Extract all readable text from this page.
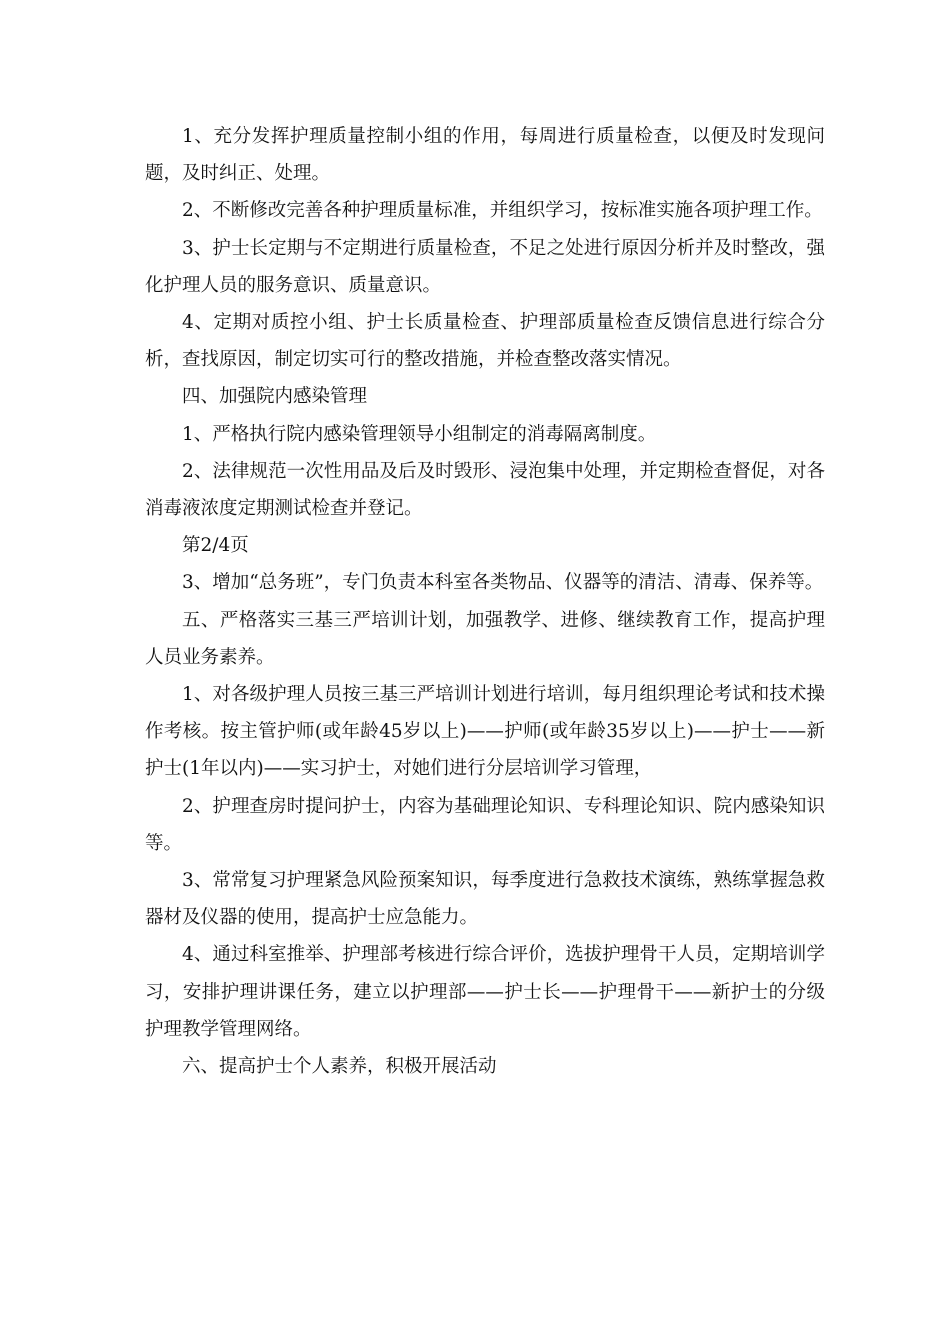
1、充分发挥护理质量控制小组的作用，每周进行质量检查，以便及时发现问题，及时纠正、处理。

2、不断修改完善各种护理质量标准，并组织学习，按标准实施各项护理工作。

3、护士长定期与不定期进行质量检查，不足之处进行原因分析并及时整改，强化护理人员的服务意识、质量意识。

4、定期对质控小组、护士长质量检查、护理部质量检查反馈信息进行综合分析，查找原因，制定切实可行的整改措施，并检查整改落实情况。

四、加强院内感染管理

1、严格执行院内感染管理领导小组制定的消毒隔离制度。

2、法律规范一次性用品及后及时毁形、浸泡集中处理，并定期检查督促，对各消毒液浓度定期测试检查并登记。

第2/4页

3、增加“总务班”，专门负责本科室各类物品、仪器等的清洁、清毒、保养等。

五、严格落实三基三严培训计划，加强教学、进修、继续教育工作，提高护理人员业务素养。

1、对各级护理人员按三基三严培训计划进行培训，每月组织理论考试和技术操作考核。按主管护师(或年龄45岁以上)——护师(或年龄35岁以上)——护士——新护士(1年以内)——实习护士，对她们进行分层培训学习管理，

2、护理查房时提问护士，内容为基础理论知识、专科理论知识、院内感染知识等。

3、常常复习护理紧急风险预案知识，每季度进行急救技术演练，熟练掌握急救器材及仪器的使用，提高护士应急能力。

4、通过科室推举、护理部考核进行综合评价，选拔护理骨干人员，定期培训学习，安排护理讲课任务，建立以护理部——护士长——护理骨干——新护士的分级护理教学管理网络。

六、提高护士个人素养，积极开展活动
